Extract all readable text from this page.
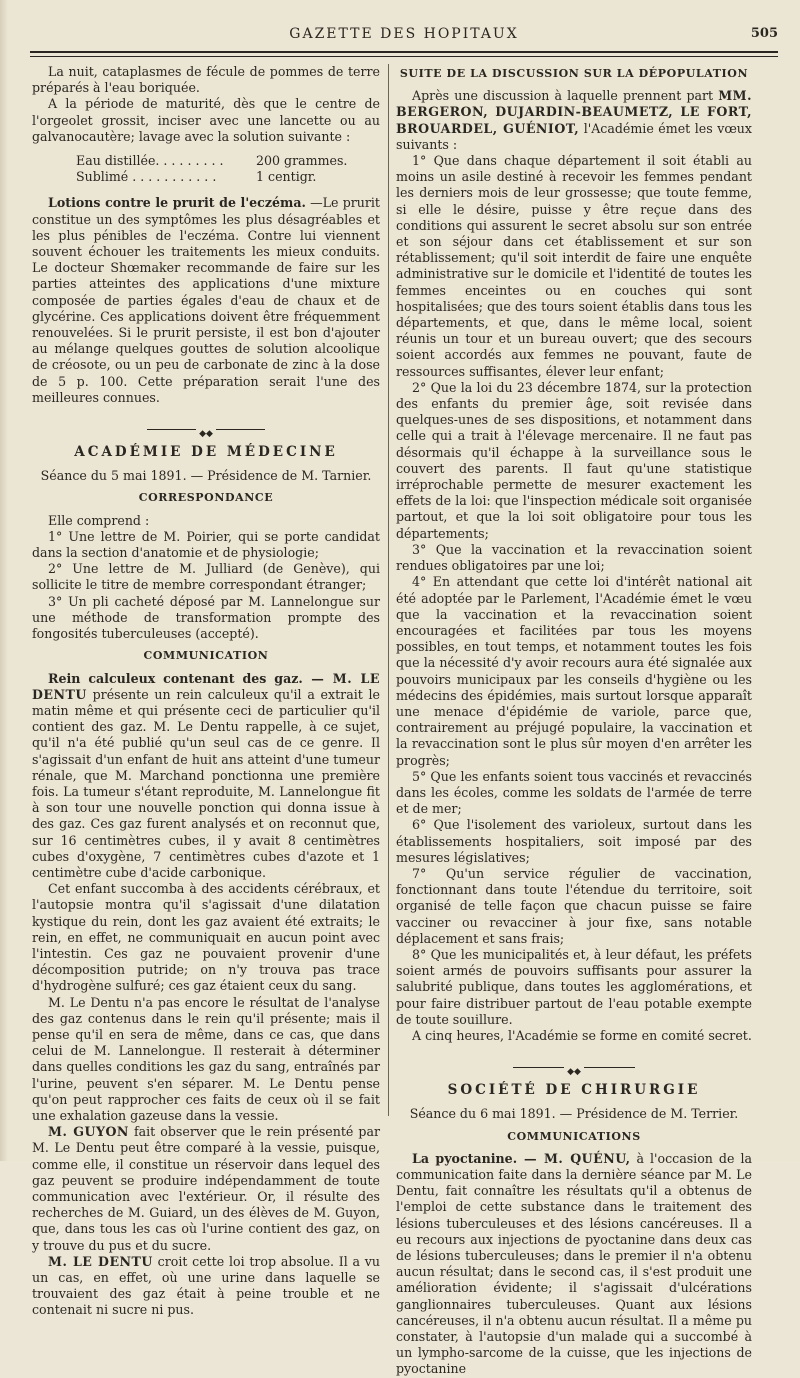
GAZETTE DES HOPITAUX	505

La nuit, cataplasmes de fécule de pommes de terre préparés à l'eau boriquée.

A la période de maturité, dès que le centre de l'orgeolet grossit, inciser avec une lancette ou au galvanocautère; lavage avec la solution suivante :

Eau distillée. . . . . . . . .	200 grammes.
Sublimé . . . . . . . . . . .	1 centigr.

Lotions contre le prurit de l'eczéma. —Le prurit constitue un des symptômes les plus désagréables et les plus pénibles de l'eczéma. Contre lui viennent souvent échouer les traitements les mieux conduits. Le docteur Shœmaker recommande de faire sur les parties atteintes des applications d'une mixture composée de parties égales d'eau de chaux et de glycérine. Ces applications doivent être fréquemment renouvelées. Si le prurit persiste, il est bon d'ajouter au mélange quelques gouttes de solution alcoolique de créosote, ou un peu de carbonate de zinc à la dose de 5 p. 100. Cette préparation serait l'une des meilleures connues.

◆◆
ACADÉMIE DE MÉDECINE
Séance du 5 mai 1891. — Présidence de M. Tarnier.
CORRESPONDANCE

Elle comprend :

1° Une lettre de M. Poirier, qui se porte candidat dans la section d'anatomie et de physiologie;

2° Une lettre de M. Julliard (de Genève), qui sollicite le titre de membre correspondant étranger;

3° Un pli cacheté déposé par M. Lannelongue sur une méthode de transformation prompte des fongosités tuberculeuses (accepté).

COMMUNICATION

Rein calculeux contenant des gaz. — M. LE DENTU présente un rein calculeux qu'il a extrait le matin même et qui présente ceci de particulier qu'il contient des gaz. M. Le Dentu rappelle, à ce sujet, qu'il n'a été publié qu'un seul cas de ce genre. Il s'agissait d'un enfant de huit ans atteint d'une tumeur rénale, que M. Marchand ponctionna une première fois. La tumeur s'étant reproduite, M. Lannelongue fit à son tour une nouvelle ponction qui donna issue à des gaz. Ces gaz furent analysés et on reconnut que, sur 16 centimètres cubes, il y avait 8 centimètres cubes d'oxygène, 7 centimètres cubes d'azote et 1 centimètre cube d'acide carbonique.

Cet enfant succomba à des accidents cérébraux, et l'autopsie montra qu'il s'agissait d'une dilatation kystique du rein, dont les gaz avaient été extraits; le rein, en effet, ne communiquait en aucun point avec l'intestin. Ces gaz ne pouvaient provenir d'une décomposition putride; on n'y trouva pas trace d'hydrogène sulfuré; ces gaz étaient ceux du sang.

M. Le Dentu n'a pas encore le résultat de l'analyse des gaz contenus dans le rein qu'il présente; mais il pense qu'il en sera de même, dans ce cas, que dans celui de M. Lannelongue. Il resterait à déterminer dans quelles conditions les gaz du sang, entraînés par l'urine, peuvent s'en séparer. M. Le Dentu pense qu'on peut rapprocher ces faits de ceux où il se fait une exhalation gazeuse dans la vessie.

M. GUYON fait observer que le rein présenté par M. Le Dentu peut être comparé à la vessie, puisque, comme elle, il constitue un réservoir dans lequel des gaz peuvent se produire indépendamment de toute communication avec l'extérieur. Or, il résulte des recherches de M. Guiard, un des élèves de M. Guyon, que, dans tous les cas où l'urine contient des gaz, on y trouve du pus et du sucre.

M. LE DENTU croit cette loi trop absolue. Il a vu un cas, en effet, où une urine dans laquelle se trouvaient des gaz était à peine trouble et ne contenait ni sucre ni pus.

SUITE DE LA DISCUSSION SUR LA DÉPOPULATION

Après une discussion à laquelle prennent part MM. BERGERON, DUJARDIN-BEAUMETZ, LE FORT, BROUARDEL, GUÉNIOT, l'Académie émet les vœux suivants :

1° Que dans chaque département il soit établi au moins un asile destiné à recevoir les femmes pendant les derniers mois de leur grossesse; que toute femme, si elle le désire, puisse y être reçue dans des conditions qui assurent le secret absolu sur son entrée et son séjour dans cet établissement et sur son rétablissement; qu'il soit interdit de faire une enquête administrative sur le domicile et l'identité de toutes les femmes enceintes ou en couches qui sont hospitalisées; que des tours soient établis dans tous les départements, et que, dans le même local, soient réunis un tour et un bureau ouvert; que des secours soient accordés aux femmes ne pouvant, faute de ressources suffisantes, élever leur enfant;

2° Que la loi du 23 décembre 1874, sur la protection des enfants du premier âge, soit revisée dans quelques-unes de ses dispositions, et notamment dans celle qui a trait à l'élevage mercenaire. Il ne faut pas désormais qu'il échappe à la surveillance sous le couvert des parents. Il faut qu'une statistique irréprochable permette de mesurer exactement les effets de la loi: que l'inspection médicale soit organisée partout, et que la loi soit obligatoire pour tous les départements;

3° Que la vaccination et la revaccination soient rendues obligatoires par une loi;

4° En attendant que cette loi d'intérêt national ait été adoptée par le Parlement, l'Académie émet le vœu que la vaccination et la revaccination soient encouragées et facilitées par tous les moyens possibles, en tout temps, et notamment toutes les fois que la nécessité d'y avoir recours aura été signalée aux pouvoirs municipaux par les conseils d'hygiène ou les médecins des épidémies, mais surtout lorsque apparaît une menace d'épidémie de variole, parce que, contrairement au préjugé populaire, la vaccination et la revaccination sont le plus sûr moyen d'en arrêter les progrès;

5° Que les enfants soient tous vaccinés et revaccinés dans les écoles, comme les soldats de l'armée de terre et de mer;

6° Que l'isolement des varioleux, surtout dans les établissements hospitaliers, soit imposé par des mesures législatives;

7° Qu'un service régulier de vaccination, fonctionnant dans toute l'étendue du territoire, soit organisé de telle façon que chacun puisse se faire vacciner ou revacciner à jour fixe, sans notable déplacement et sans frais;

8° Que les municipalités et, à leur défaut, les préfets soient armés de pouvoirs suffisants pour assurer la salubrité publique, dans toutes les agglomérations, et pour faire distribuer partout de l'eau potable exempte de toute souillure.

A cinq heures, l'Académie se forme en comité secret.

◆◆
SOCIÉTÉ DE CHIRURGIE
Séance du 6 mai 1891. — Présidence de M. Terrier.
COMMUNICATIONS

La pyoctanine. — M. QUÉNU, à l'occasion de la communication faite dans la dernière séance par M. Le Dentu, fait connaître les résultats qu'il a obtenus de l'emploi de cette substance dans le traitement des lésions tuberculeuses et des lésions cancéreuses. Il a eu recours aux injections de pyoctanine dans deux cas de lésions tuberculeuses; dans le premier il n'a obtenu aucun résultat; dans le second cas, il s'est produit une amélioration évidente; il s'agissait d'ulcérations ganglionnaires tuberculeuses. Quant aux lésions cancéreuses, il n'a obtenu aucun résultat. Il a même pu constater, à l'autopsie d'un malade qui a succombé à un lympho-sarcome de la cuisse, que les injections de pyoctanine
